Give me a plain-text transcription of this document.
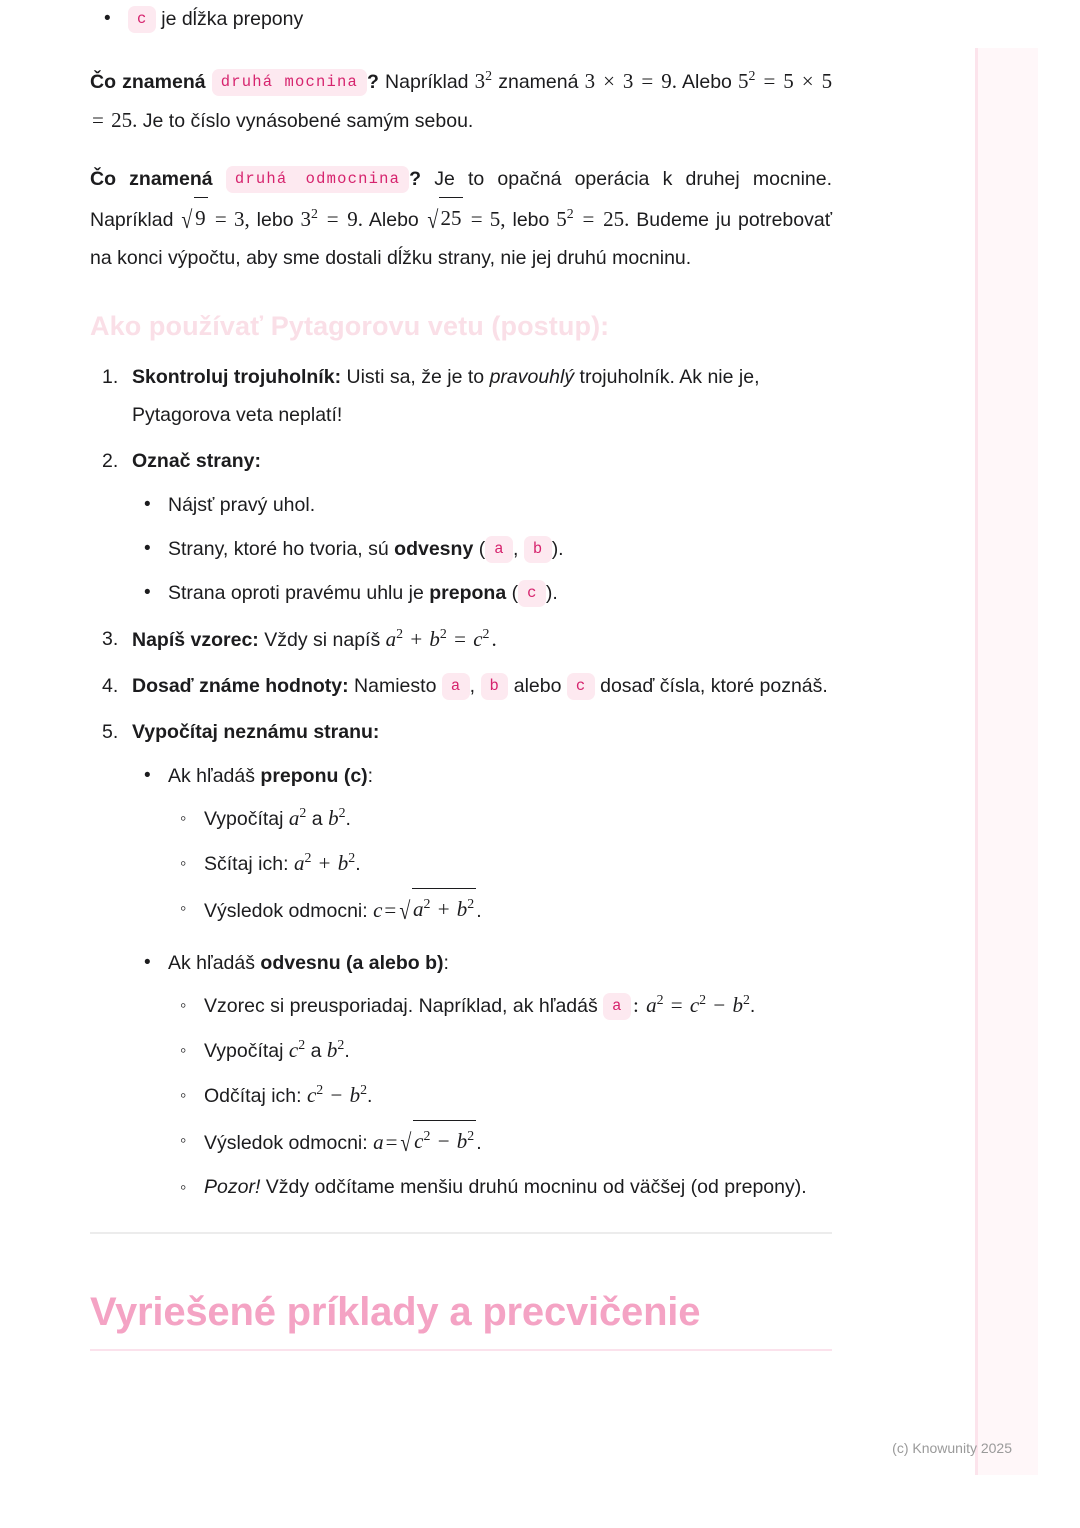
• c je dĺžka prepony

Čo znamená druhá mocnina ? Napríklad $3^2$ znamená 3 × 3 = 9. Alebo $5^2 = 5 \times 5 = 25$. Je to číslo vynásobené samým sebou.

Čo znamená druhá odmocnina ? Je to opačná operácia k druhej mocnine. Napríklad √ 9 = 3, lebo $3^2 = 9$. Alebo √ 25 = 5, lebo $5^2 = 25$. Budeme ju potrebovať na konci výpočtu, aby sme dostali dĺžku strany, nie jej druhú mocninu.

Ako používať Pytagorovu vetu (postup):
Skontroluj trojuholník: Uisti sa, že je to pravouhlý trojuholník. Ak nie je, Pytagorova veta neplatí!
Označ strany:
• Nájsť pravý uhol.
• Strany, ktoré ho tvoria, sú odvesny ( a , b ).
• Strana oproti pravému uhlu je prepona ( c ).
Napíš vzorec: Vždy si napíš $a^2 + b^2 = c^2$.
Dosaď známe hodnoty: Namiesto a , b alebo c dosaď čísla, ktoré poznáš.
Vypočítaj neznámu stranu:
• Ak hľadáš preponu (c):
◦ Vypočítaj $a^2$ a $b^2$.
◦ Sčítaj ich: $a^2 + b^2$.
◦ Výsledok odmocni: c= √ $a^2 + b^2$ .
• Ak hľadáš odvesnu (a alebo b):
◦ Vzorec si preusporiadaj. Napríklad, ak hľadáš a : $a^2 = c^2 - b^2$.
◦ Vypočítaj $c^2$ a $b^2$.
◦ Odčítaj ich: $c^2 - b^2$.
◦ Výsledok odmocni: a= √ $c^2 - b^2$ .
◦ Pozor! Vždy odčítame menšiu druhú mocninu od väčšej (od prepony).
Vyriešené príklady a precvičenie
(c) Knowunity 2025
